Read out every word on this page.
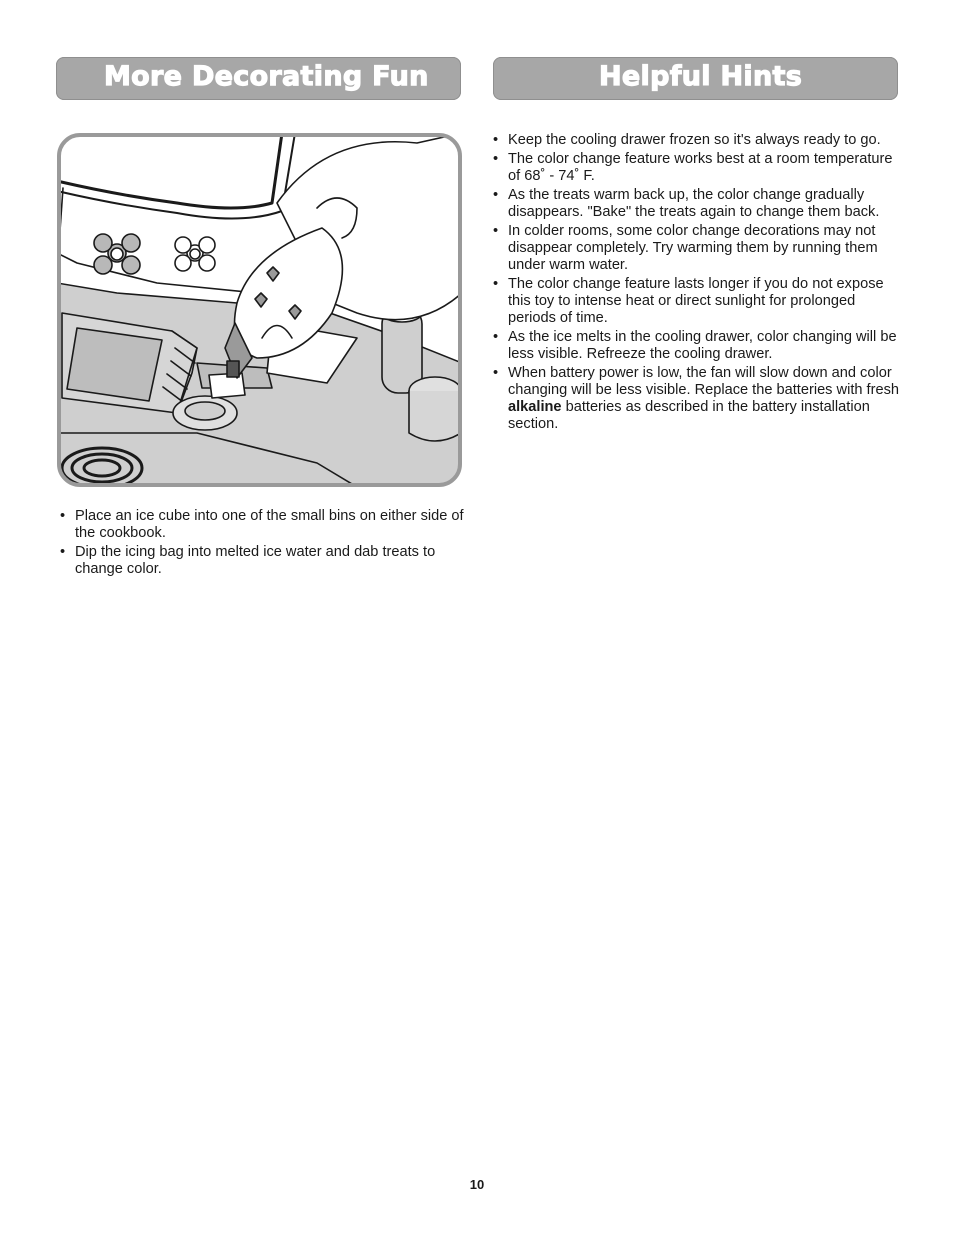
More Decorating Fun	Helpful Hints
• Place an ice cube into one of the small bins on either side of the cookbook.
• Dip the icing bag into melted ice water and dab treats to change color.
• Keep the cooling drawer frozen so it's always ready to go.
• The color change feature works best at a room temperature of 68˚ - 74˚ F.
• As the treats warm back up, the color change gradually disappears. "Bake" the treats again to change them back.
• In colder rooms, some color change decorations may not disappear completely. Try warming them by running them under warm water.
• The color change feature lasts longer if you do not expose this toy to intense heat or direct sunlight for prolonged periods of time.
• As the ice melts in the cooling drawer, color changing will be less visible. Refreeze the cooling drawer.
• When battery power is low, the fan will slow down and color changing will be less visible. Replace the batteries with fresh alkaline batteries as described in the battery installation section.
10
